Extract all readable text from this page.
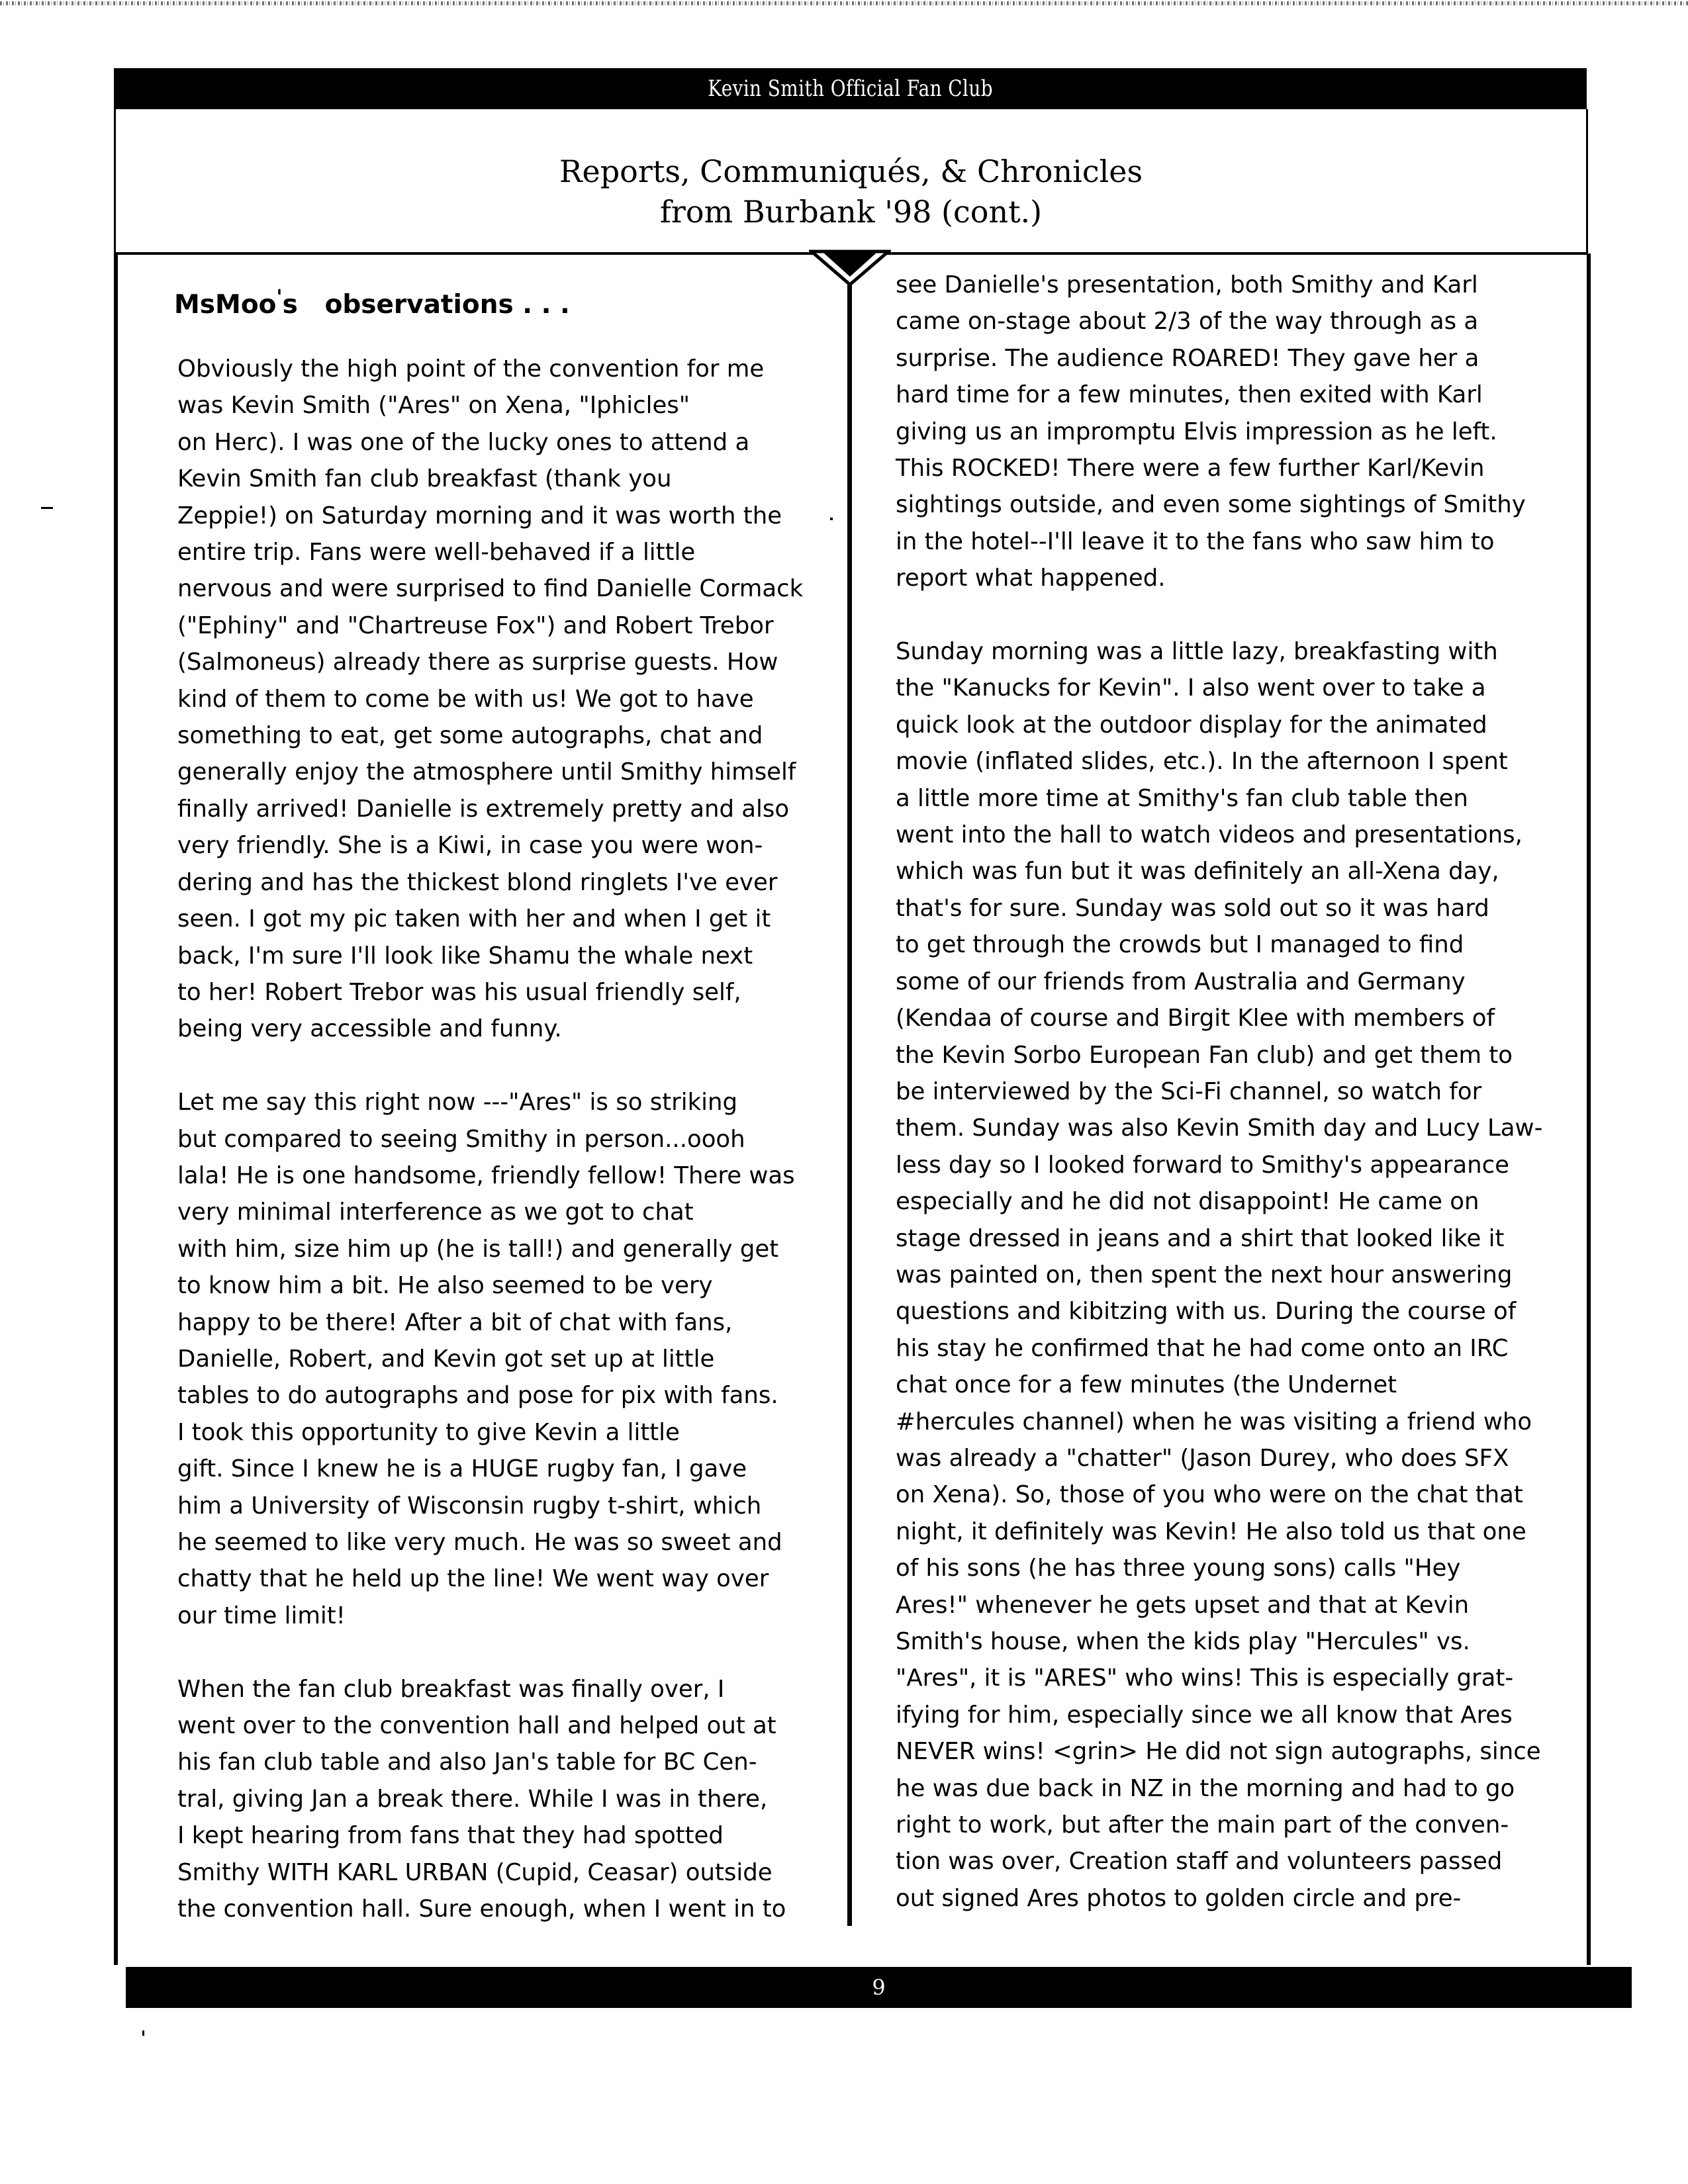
Kevin Smith Official Fan Club
Reports, Communiqués, & Chronicles
from Burbank '98 (cont.)
MsMoo's observations . . .

Obviously the high point of the convention for me
was Kevin Smith ("Ares" on Xena, "Iphicles"
on Herc). I was one of the lucky ones to attend a
Kevin Smith fan club breakfast (thank you
Zeppie!) on Saturday morning and it was worth the
entire trip. Fans were well-behaved if a little
nervous and were surprised to find Danielle Cormack
("Ephiny" and "Chartreuse Fox") and Robert Trebor
(Salmoneus) already there as surprise guests. How
kind of them to come be with us! We got to have
something to eat, get some autographs, chat and
generally enjoy the atmosphere until Smithy himself
finally arrived! Danielle is extremely pretty and also
very friendly. She is a Kiwi, in case you were won-
dering and has the thickest blond ringlets I've ever
seen. I got my pic taken with her and when I get it
back, I'm sure I'll look like Shamu the whale next
to her! Robert Trebor was his usual friendly self,
being very accessible and funny.

Let me say this right now ---"Ares" is so striking
but compared to seeing Smithy in person...oooh
lala! He is one handsome, friendly fellow! There was
very minimal interference as we got to chat
with him, size him up (he is tall!) and generally get
to know him a bit. He also seemed to be very
happy to be there! After a bit of chat with fans,
Danielle, Robert, and Kevin got set up at little
tables to do autographs and pose for pix with fans.
I took this opportunity to give Kevin a little
gift. Since I knew he is a HUGE rugby fan, I gave
him a University of Wisconsin rugby t-shirt, which
he seemed to like very much. He was so sweet and
chatty that he held up the line! We went way over
our time limit!

When the fan club breakfast was finally over, I
went over to the convention hall and helped out at
his fan club table and also Jan's table for BC Cen-
tral, giving Jan a break there. While I was in there,
I kept hearing from fans that they had spotted
Smithy WITH KARL URBAN (Cupid, Ceasar) outside
the convention hall. Sure enough, when I went in to

see Danielle's presentation, both Smithy and Karl
came on-stage about 2/3 of the way through as a
surprise. The audience ROARED! They gave her a
hard time for a few minutes, then exited with Karl
giving us an impromptu Elvis impression as he left.
This ROCKED! There were a few further Karl/Kevin
sightings outside, and even some sightings of Smithy
in the hotel--I'll leave it to the fans who saw him to
report what happened.

Sunday morning was a little lazy, breakfasting with
the "Kanucks for Kevin". I also went over to take a
quick look at the outdoor display for the animated
movie (inflated slides, etc.). In the afternoon I spent
a little more time at Smithy's fan club table then
went into the hall to watch videos and presentations,
which was fun but it was definitely an all-Xena day,
that's for sure. Sunday was sold out so it was hard
to get through the crowds but I managed to find
some of our friends from Australia and Germany
(Kendaa of course and Birgit Klee with members of
the Kevin Sorbo European Fan club) and get them to
be interviewed by the Sci-Fi channel, so watch for
them. Sunday was also Kevin Smith day and Lucy Law-
less day so I looked forward to Smithy's appearance
especially and he did not disappoint! He came on
stage dressed in jeans and a shirt that looked like it
was painted on, then spent the next hour answering
questions and kibitzing with us. During the course of
his stay he confirmed that he had come onto an IRC
chat once for a few minutes (the Undernet
#hercules channel) when he was visiting a friend who
was already a "chatter" (Jason Durey, who does SFX
on Xena). So, those of you who were on the chat that
night, it definitely was Kevin! He also told us that one
of his sons (he has three young sons) calls "Hey
Ares!" whenever he gets upset and that at Kevin
Smith's house, when the kids play "Hercules" vs.
"Ares", it is "ARES" who wins! This is especially grat-
ifying for him, especially since we all know that Ares
NEVER wins! <grin> He did not sign autographs, since
he was due back in NZ in the morning and had to go
right to work, but after the main part of the conven-
tion was over, Creation staff and volunteers passed
out signed Ares photos to golden circle and pre-

9
